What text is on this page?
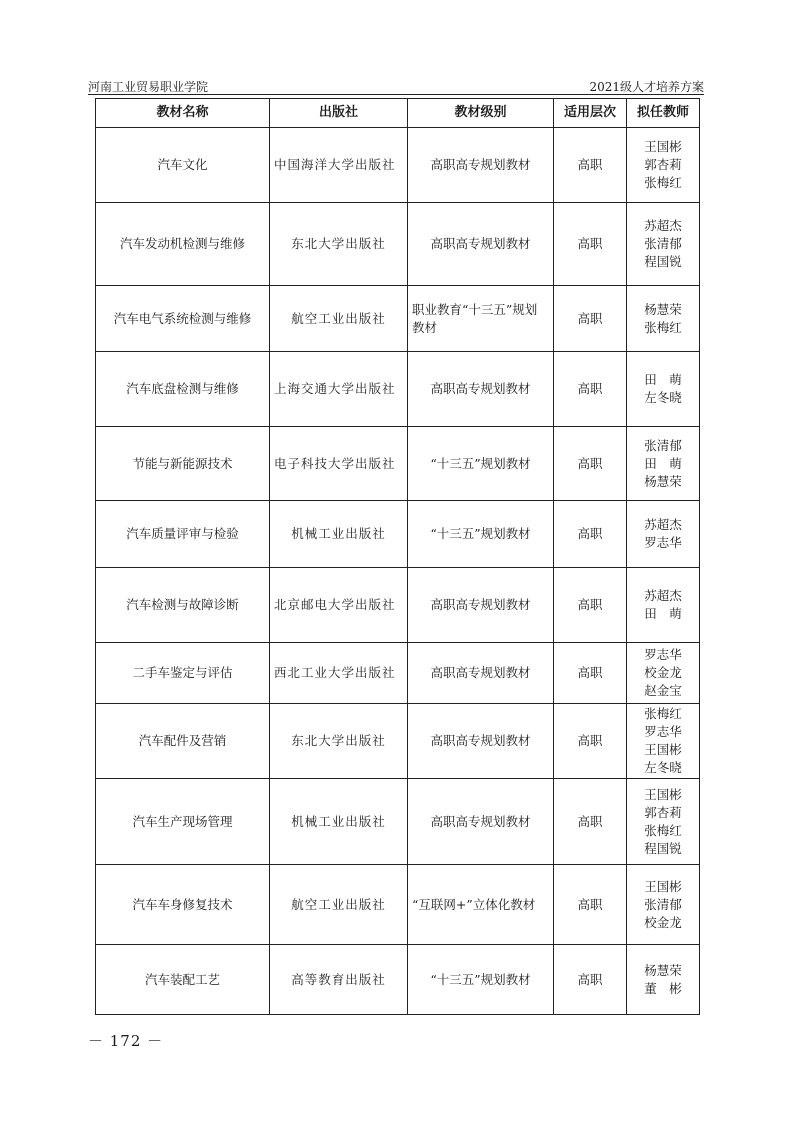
河南工业贸易职业学院	2021级人才培养方案
教材名称	出版社	教材级别	适用层次	拟任教师
汽车文化	中国海洋大学出版社	高职高专规划教材	高职	王国彬
郭杏莉
张梅红

汽车发动机检测与维修	东北大学出版社	高职高专规划教材	高职	苏超杰
张清郁
程国锐

汽车电气系统检测与维修	航空工业出版社	职业教育“十三五”规划教材	高职	杨慧荣
张梅红

汽车底盘检测与维修	上海交通大学出版社	高职高专规划教材	高职	田　萌
左冬晓

节能与新能源技术	电子科技大学出版社	“十三五”规划教材	高职	张清郁
田　萌
杨慧荣

汽车质量评审与检验	机械工业出版社	“十三五”规划教材	高职	苏超杰
罗志华

汽车检测与故障诊断	北京邮电大学出版社	高职高专规划教材	高职	苏超杰
田　萌

二手车鉴定与评估	西北工业大学出版社	高职高专规划教材	高职	罗志华
校金龙
赵金宝

汽车配件及营销	东北大学出版社	高职高专规划教材	高职	张梅红
罗志华
王国彬
左冬晓

汽车生产现场管理	机械工业出版社	高职高专规划教材	高职	王国彬
郭杏莉
张梅红
程国锐

汽车车身修复技术	航空工业出版社	“互联网+”立体化教材	高职	王国彬
张清郁
校金龙

汽车装配工艺	高等教育出版社	“十三五”规划教材	高职	杨慧荣
董　彬
－ 172 －
